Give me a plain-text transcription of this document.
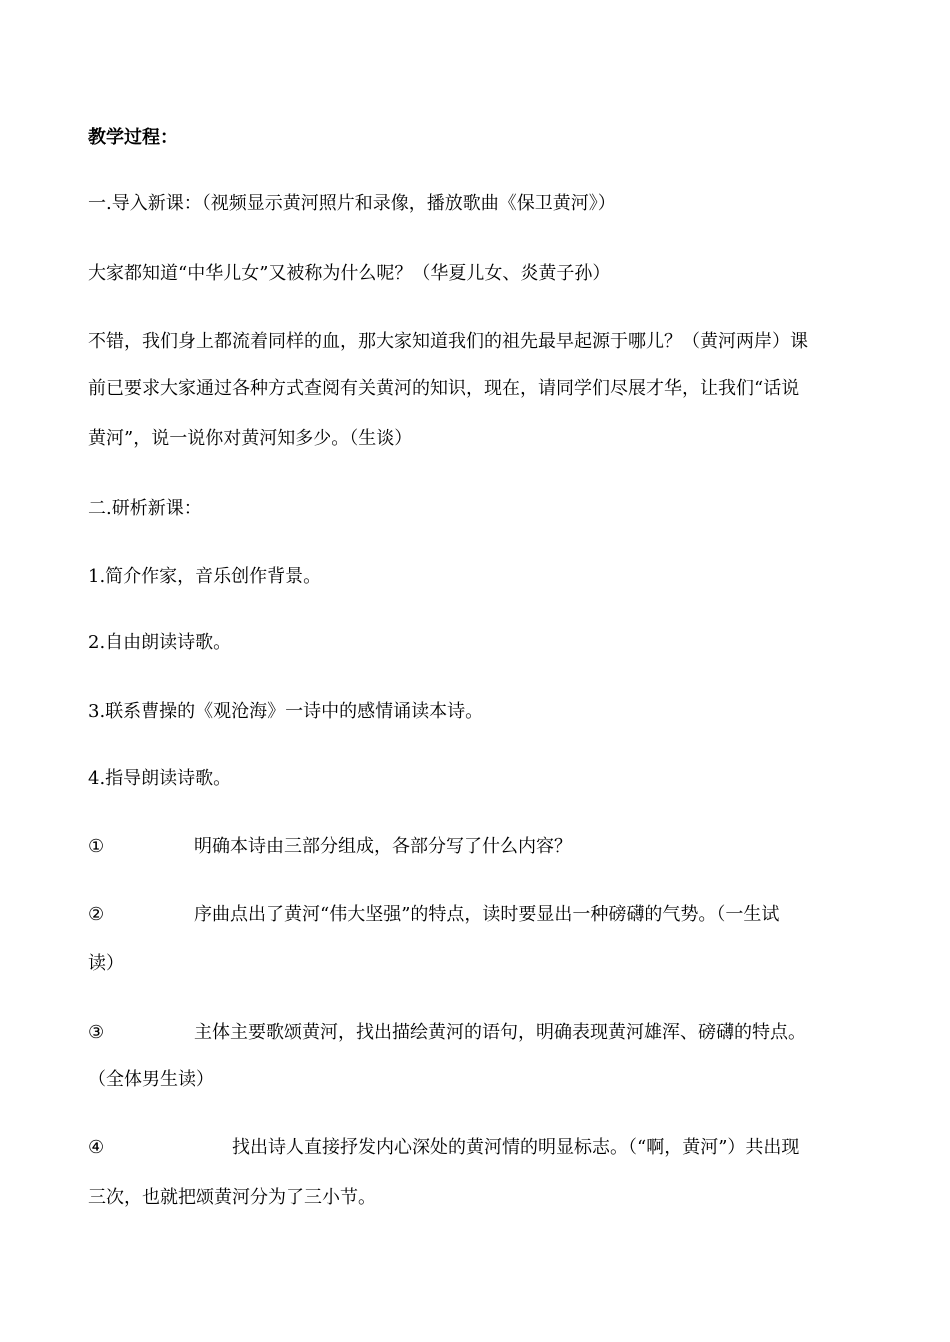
教学过程：
一.导入新课：（视频显示黄河照片和录像，播放歌曲《保卫黄河》）
大家都知道“中华儿女”又被称为什么呢？（华夏儿女、炎黄子孙）
不错，我们身上都流着同样的血，那大家知道我们的祖先最早起源于哪儿？（黄河两岸）课
前已要求大家通过各种方式查阅有关黄河的知识，现在，请同学们尽展才华，让我们“话说
黄河”，说一说你对黄河知多少。（生谈）
二.研析新课：
1.简介作家，音乐创作背景。
2.自由朗读诗歌。
3.联系曹操的《观沧海》一诗中的感情诵读本诗。
4.指导朗读诗歌。
①	明确本诗由三部分组成，各部分写了什么内容？
②	序曲点出了黄河“伟大坚强”的特点，读时要显出一种磅礴的气势。（一生试
读）
③	主体主要歌颂黄河，找出描绘黄河的语句，明确表现黄河雄浑、磅礴的特点。
（全体男生读）
④	找出诗人直接抒发内心深处的黄河情的明显标志。（“啊，黄河”）共出现
三次，也就把颂黄河分为了三小节。
